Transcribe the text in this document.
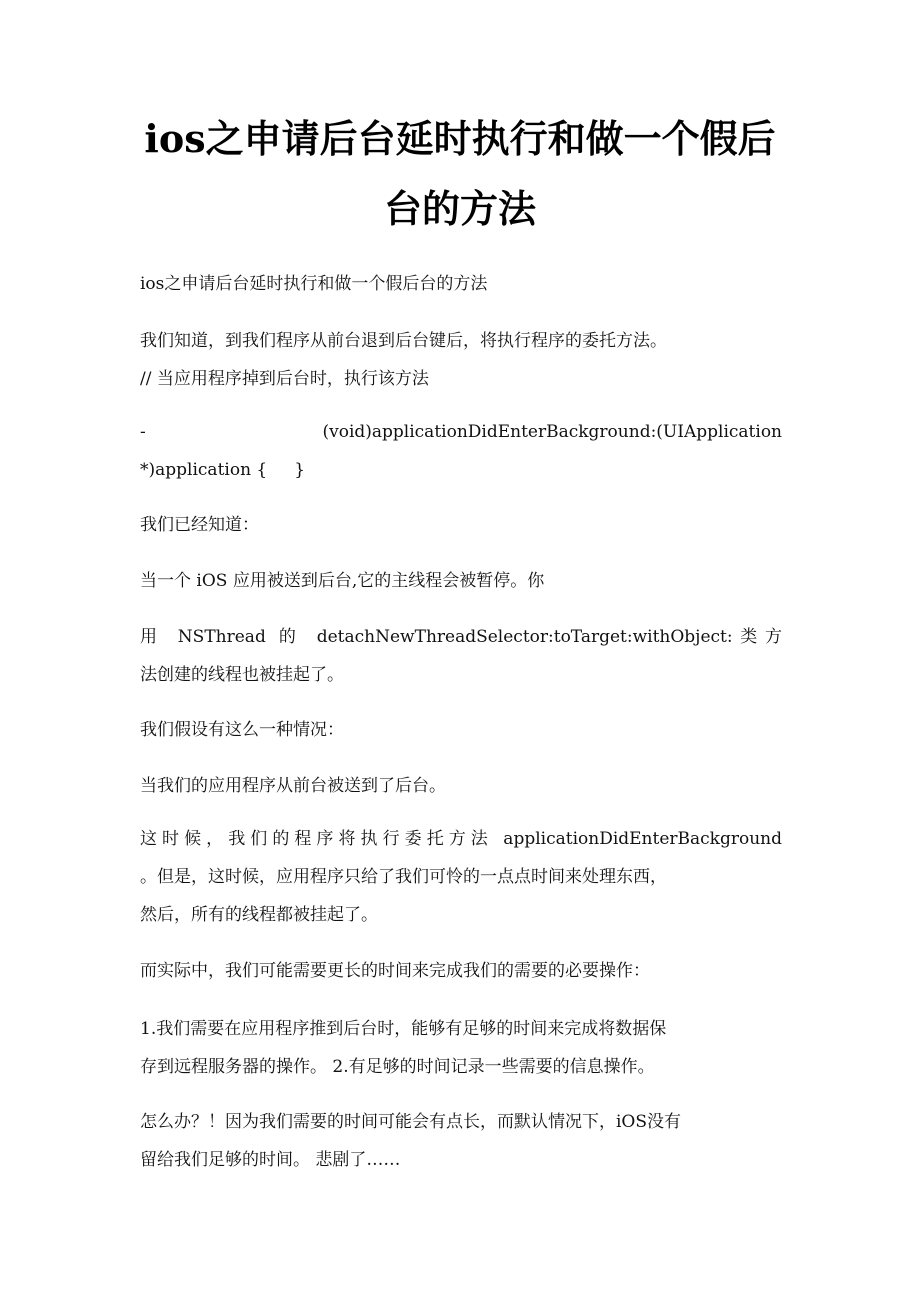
ios之申请后台延时执行和做一个假后
台的方法
ios之申请后台延时执行和做一个假后台的方法
我们知道，到我们程序从前台退到后台键后，将执行程序的委托方法。
// 当应用程序掉到后台时，执行该方法
-	(void)applicationDidEnterBackground:(UIApplication
*)application {     }
我们已经知道：
当一个 iOS 应用被送到后台,它的主线程会被暂停。你
用 NSThread 的 detachNewThreadSelector:toTarget:withObject:类方
法创建的线程也被挂起了。
我们假设有这么一种情况：
当我们的应用程序从前台被送到了后台。
这时候，我们的程序将执行委托方法 applicationDidEnterBackground
。但是，这时候，应用程序只给了我们可怜的一点点时间来处理东西，
然后，所有的线程都被挂起了。
而实际中，我们可能需要更长的时间来完成我们的需要的必要操作：
1.我们需要在应用程序推到后台时，能够有足够的时间来完成将数据保
存到远程服务器的操作。 2.有足够的时间记录一些需要的信息操作。
怎么办？！因为我们需要的时间可能会有点长，而默认情况下，iOS没有
留给我们足够的时间。 悲剧了……
